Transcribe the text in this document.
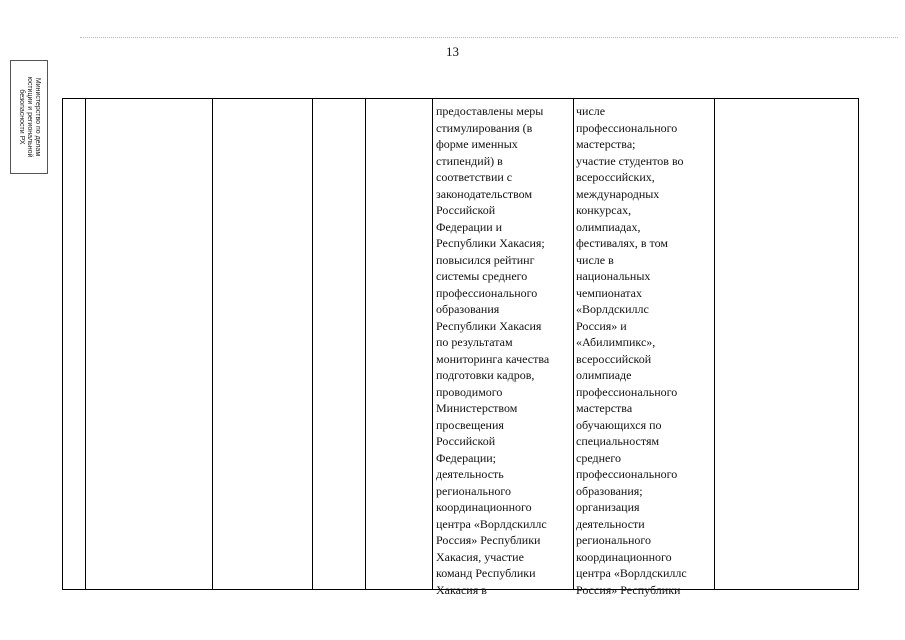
13
Министерство по делам
юстиции и региональной
безопасности РХ	предоставлены меры
стимулирования (в
форме именных
стипендий) в
соответствии с
законодательством
Российской
Федерации и
Республики Хакасия;
повысился рейтинг
системы среднего
профессионального
образования
Республики Хакасия
по результатам
мониторинга качества
подготовки кадров,
проводимого
Министерством
просвещения
Российской
Федерации;
деятельность
регионального
координационного
центра «Ворлдскиллс
Россия» Республики
Хакасия, участие
команд Республики
Хакасия в
числе
профессионального
мастерства;
участие студентов во
всероссийских,
международных
конкурсах,
олимпиадах,
фестивалях, в том
числе в
национальных
чемпионатах
«Ворлдскиллс
Россия» и
«Абилимпикс»,
всероссийской
олимпиаде
профессионального
мастерства
обучающихся по
специальностям
среднего
профессионального
образования;
организация
деятельности
регионального
координационного
центра «Ворлдскиллс
Россия» Республики
